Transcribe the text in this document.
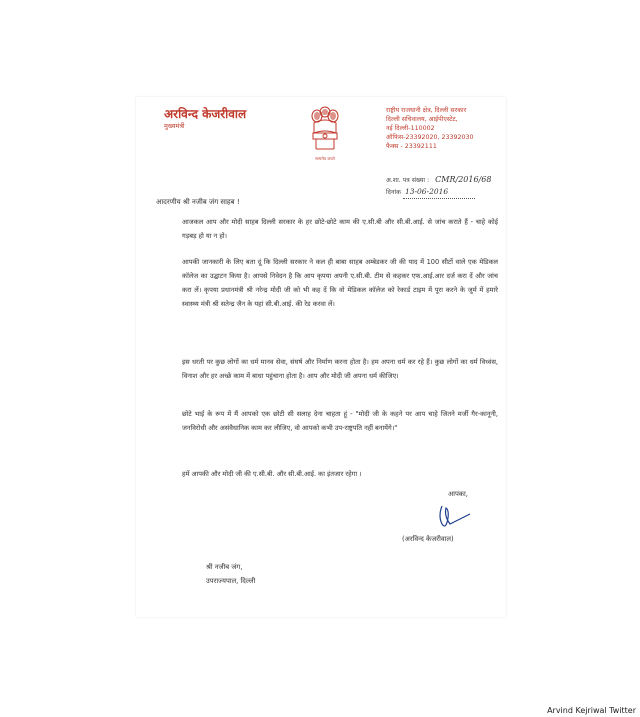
अरविन्द केजरीवाल
मुख्यमंत्री
सत्यमेव जयते
राष्ट्रीय राजधानी क्षेत्र, दिल्ली सरकार
दिल्ली सचिवालय, आईपीएस्टेट,
नई दिल्ली-110002
ऑफिस-23392020, 23392030
फैक्स - 23392111
अ.शा. पत्र संख्या : CMR/2016/68
दिनांक 13-06-2016
आदरणीय श्री नजीब जंग साहब !
आजकल आप और मोदी साहब दिल्ली सरकार के हर छोटे-छोटे काम की ए.सी.बी और सी.बी.आई. से जांच कराते हैं - चाहे कोई गड़बड़ हो या न हो।
आपकी जानकारी के लिए बता दूं कि दिल्ली सरकार ने कल ही बाबा साहब अम्बेडकर जी की याद में 100 सीटों वाले एक मेडिकल कॉलेज का उद्घाटन किया है। आपसे निवेदन है कि आप कृपया अपनी ए.सी.बी. टीम से कहकर एफ.आई.आर दर्ज करा दें और जांच करा लें। कृपया प्रधानमंत्री श्री नरेन्द्र मोदी जी को भी कह दें कि वो मेडिकल कॉलेज को रेकार्ड टाइम में पूरा करने के जुर्म में हमारे स्वास्थ्य मंत्री श्री सतेन्द्र जैन के यहां सी.बी.आई. की रेड करवा लें।
इस धरती पर कुछ लोगों का धर्म मानव सेवा, संघर्ष और निर्माण करना होता है। हम अपना धर्म कर रहे हैं। कुछ लोगों का धर्म विध्वंस, विनाश और हर अच्छे काम में बाधा पहुंचाना होता है। आप और मोदी जी अपना धर्म कीजिए।
छोटे भाई के रूप में मैं आपको एक छोटी सी सलाह देना चाहता हूं - "मोदी जी के कहने पर आप चाहे जितने मर्जी गैर-कानूनी, जनविरोधी और असंवैधानिक काम कर लीजिए, वो आपको कभी उप-राष्ट्रपति नहीं बनायेंगे।"
हमें आपकी और मोदी जी की ए.सी.बी. और सी.बी.आई. का इंतजार रहेगा ।
आपका,
(अरविन्द केजरीवाल)
श्री नजीब जंग,
उपराज्यपाल, दिल्ली
Arvind Kejriwal Twitter
